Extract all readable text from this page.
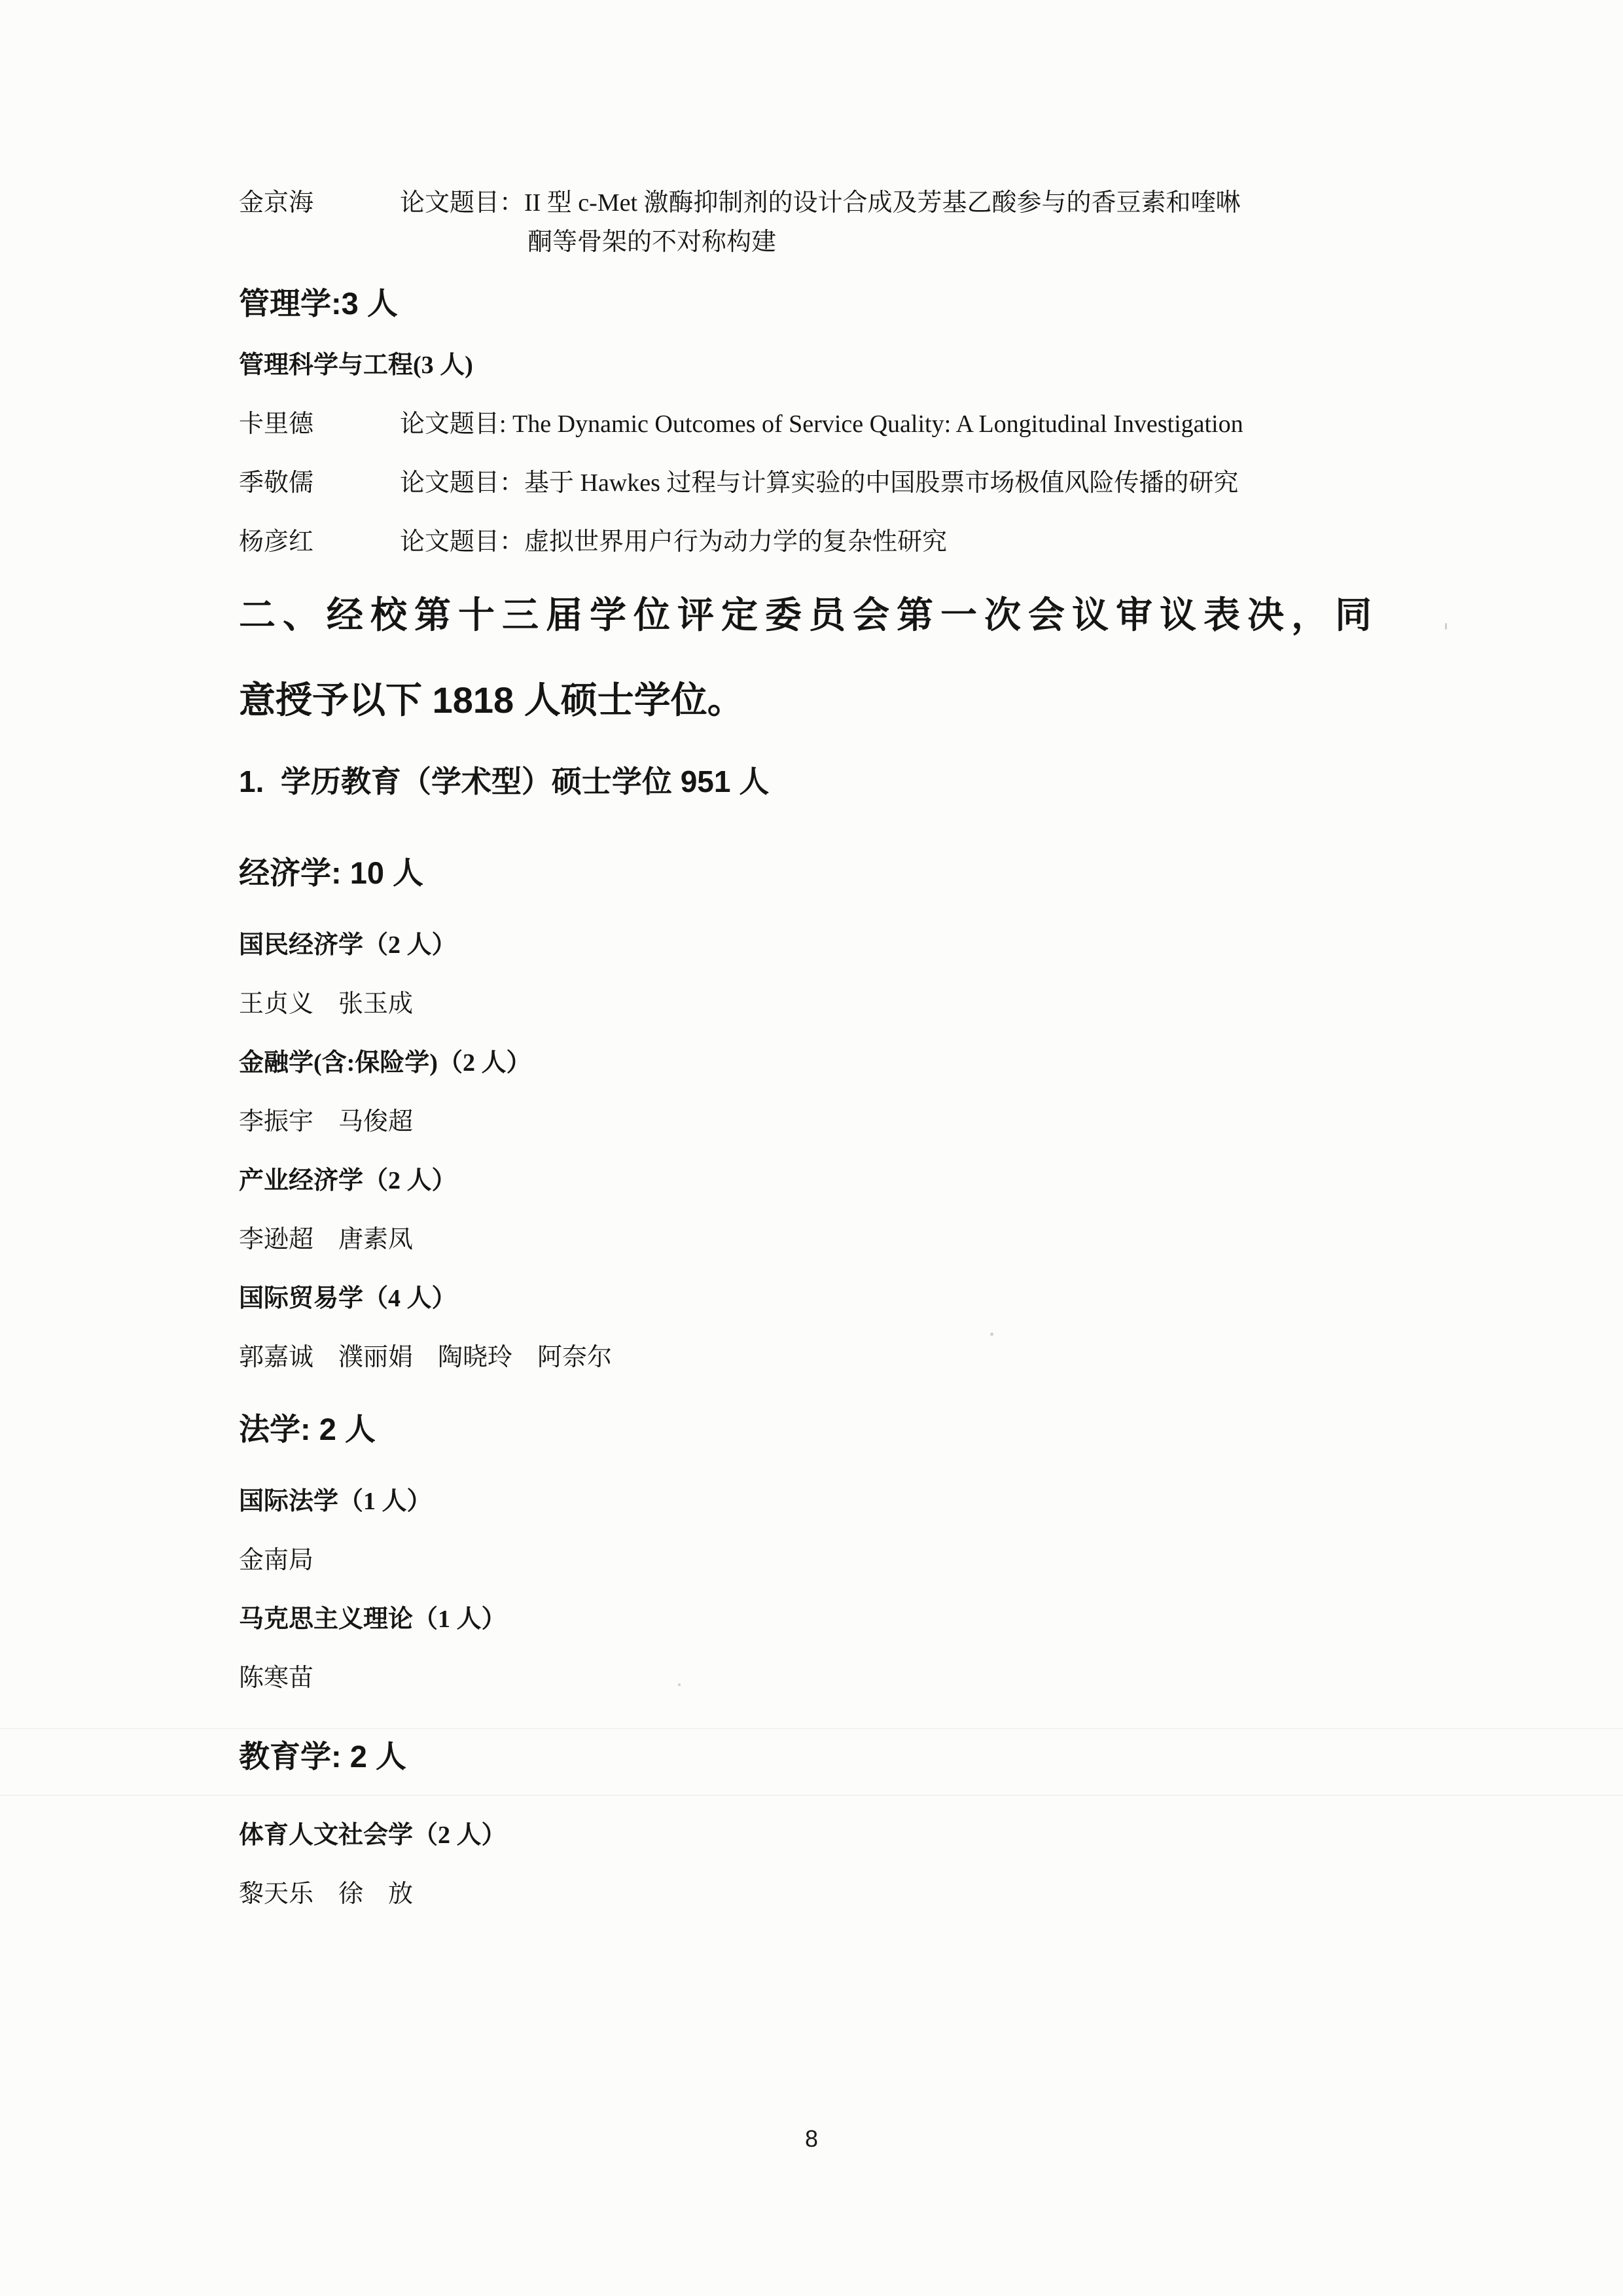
金京海	论文题目：II 型 c-Met 激酶抑制剂的设计合成及芳基乙酸参与的香豆素和喹啉
酮等骨架的不对称构建
管理学:3 人
管理科学与工程(3 人)
卡里德	论文题目: The Dynamic Outcomes of Service Quality: A Longitudinal Investigation
季敬儒	论文题目：基于 Hawkes 过程与计算实验的中国股票市场极值风险传播的研究
杨彦红	论文题目：虚拟世界用户行为动力学的复杂性研究
二、经校第十三届学位评定委员会第一次会议审议表决，同
意授予以下 1818 人硕士学位。
1.  学历教育（学术型）硕士学位 951 人
经济学: 10 人
国民经济学（2 人）
王贞义　张玉成
金融学(含:保险学)（2 人）
李振宇　马俊超
产业经济学（2 人）
李逊超　唐素凤
国际贸易学（4 人）
郭嘉诚　濮丽娟　陶晓玲　阿奈尔
法学: 2 人
国际法学（1 人）
金南局
马克思主义理论（1 人）
陈寒苗
教育学: 2 人
体育人文社会学（2 人）
黎天乐　徐　放
8
